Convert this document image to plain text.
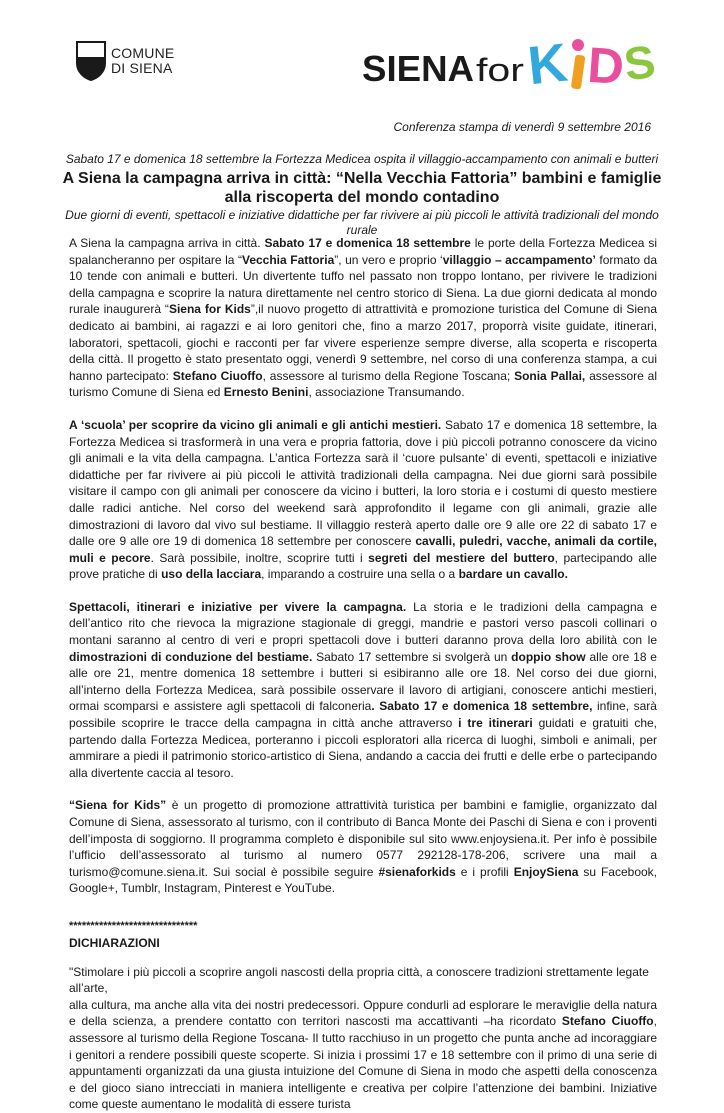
COMUNE
DI SIENA	SIENA for K D
S
Conferenza stampa di venerdì 9 settembre 2016
Sabato 17 e domenica 18 settembre la Fortezza Medicea ospita il villaggio-accampamento con animali e butteri
A Siena la campagna arriva in città: “Nella Vecchia Fattoria” bambini e famiglie alla riscoperta del mondo contadino
Due giorni di eventi, spettacoli e iniziative didattiche per far rivivere ai più piccoli le attività tradizionali del mondo rurale

A Siena la campagna arriva in città. Sabato 17 e domenica 18 settembre le porte della Fortezza Medicea si spalancheranno per ospitare la “Vecchia Fattoria”, un vero e proprio ‘villaggio – accampamento’ formato da 10 tende con animali e butteri. Un divertente tuffo nel passato non troppo lontano, per rivivere le tradizioni della campagna e scoprire la natura direttamente nel centro storico di Siena. La due giorni dedicata al mondo rurale inaugurerà “Siena for Kids”,il nuovo progetto di attrattività e promozione turistica del Comune di Siena dedicato ai bambini, ai ragazzi e ai loro genitori che, fino a marzo 2017, proporrà visite guidate, itinerari, laboratori, spettacoli, giochi e racconti per far vivere esperienze sempre diverse, alla scoperta e riscoperta della città. Il progetto è stato presentato oggi, venerdì 9 settembre, nel corso di una conferenza stampa, a cui hanno partecipato: Stefano Ciuoffo, assessore al turismo della Regione Toscana; Sonia Pallai, assessore al turismo Comune di Siena ed Ernesto Benini, associazione Transumando.

A ‘scuola’ per scoprire da vicino gli animali e gli antichi mestieri. Sabato 17 e domenica 18 settembre, la Fortezza Medicea si trasformerà in una vera e propria fattoria, dove i più piccoli potranno conoscere da vicino gli animali e la vita della campagna. L’antica Fortezza sarà il ‘cuore pulsante’ di eventi, spettacoli e iniziative didattiche per far rivivere ai più piccoli le attività tradizionali della campagna. Nei due giorni sarà possibile visitare il campo con gli animali per conoscere da vicino i butteri, la loro storia e i costumi di questo mestiere dalle radici antiche. Nel corso del weekend sarà approfondito il legame con gli animali, grazie alle dimostrazioni di lavoro dal vivo sul bestiame. Il villaggio resterà aperto dalle ore 9 alle ore 22 di sabato 17 e dalle ore 9 alle ore 19 di domenica 18 settembre per conoscere cavalli, puledri, vacche, animali da cortile, muli e pecore. Sarà possibile, inoltre, scoprire tutti i segreti del mestiere del buttero, partecipando alle prove pratiche di uso della lacciara, imparando a costruire una sella o a bardare un cavallo.

Spettacoli, itinerari e iniziative per vivere la campagna. La storia e le tradizioni della campagna e dell’antico rito che rievoca la migrazione stagionale di greggi, mandrie e pastori verso pascoli collinari o montani saranno al centro di veri e propri spettacoli dove i butteri daranno prova della loro abilità con le dimostrazioni di conduzione del bestiame. Sabato 17 settembre si svolgerà un doppio show alle ore 18 e alle ore 21, mentre domenica 18 settembre i butteri si esibiranno alle ore 18. Nel corso dei due giorni, all’interno della Fortezza Medicea, sarà possibile osservare il lavoro di artigiani, conoscere antichi mestieri, ormai scomparsi e assistere agli spettacoli di falconeria. Sabato 17 e domenica 18 settembre, infine, sarà possibile scoprire le tracce della campagna in città anche attraverso i tre itinerari guidati e gratuiti che, partendo dalla Fortezza Medicea, porteranno i piccoli esploratori alla ricerca di luoghi, simboli e animali, per ammirare a piedi il patrimonio storico-artistico di Siena, andando a caccia dei frutti e delle erbe o partecipando alla divertente caccia al tesoro.

“Siena for Kids” è un progetto di promozione attrattività turistica per bambini e famiglie, organizzato dal Comune di Siena, assessorato al turismo, con il contributo di Banca Monte dei Paschi di Siena e con i proventi dell’imposta di soggiorno. Il programma completo è disponibile sul sito www.enjoysiena.it. Per info è possibile l’ufficio dell’assessorato al turismo al numero 0577 292128-178-206, scrivere una mail a turismo@comune.siena.it. Sui social è possibile seguire #sienaforkids e i profili EnjoySiena su Facebook, Google+, Tumblr, Instagram, Pinterest e YouTube.

******************************
DICHIARAZIONI

"Stimolare i più piccoli a scoprire angoli nascosti della propria città, a conoscere tradizioni strettamente legate all’arte,

alla cultura, ma anche alla vita dei nostri predecessori. Oppure condurli ad esplorare le meraviglie della natura e della scienza, a prendere contatto con territori nascosti ma accattivanti –ha ricordato Stefano Ciuoffo, assessore al turismo della Regione Toscana- Il tutto racchiuso in un progetto che punta anche ad incoraggiare i genitori a rendere possibili queste scoperte. Si inizia i prossimi 17 e 18 settembre con il primo di una serie di appuntamenti organizzati da una giusta intuizione del Comune di Siena in modo che aspetti della conoscenza e del gioco siano intrecciati in maniera intelligente e creativa per colpire l’attenzione dei bambini. Iniziative come queste aumentano le modalità di essere turista
